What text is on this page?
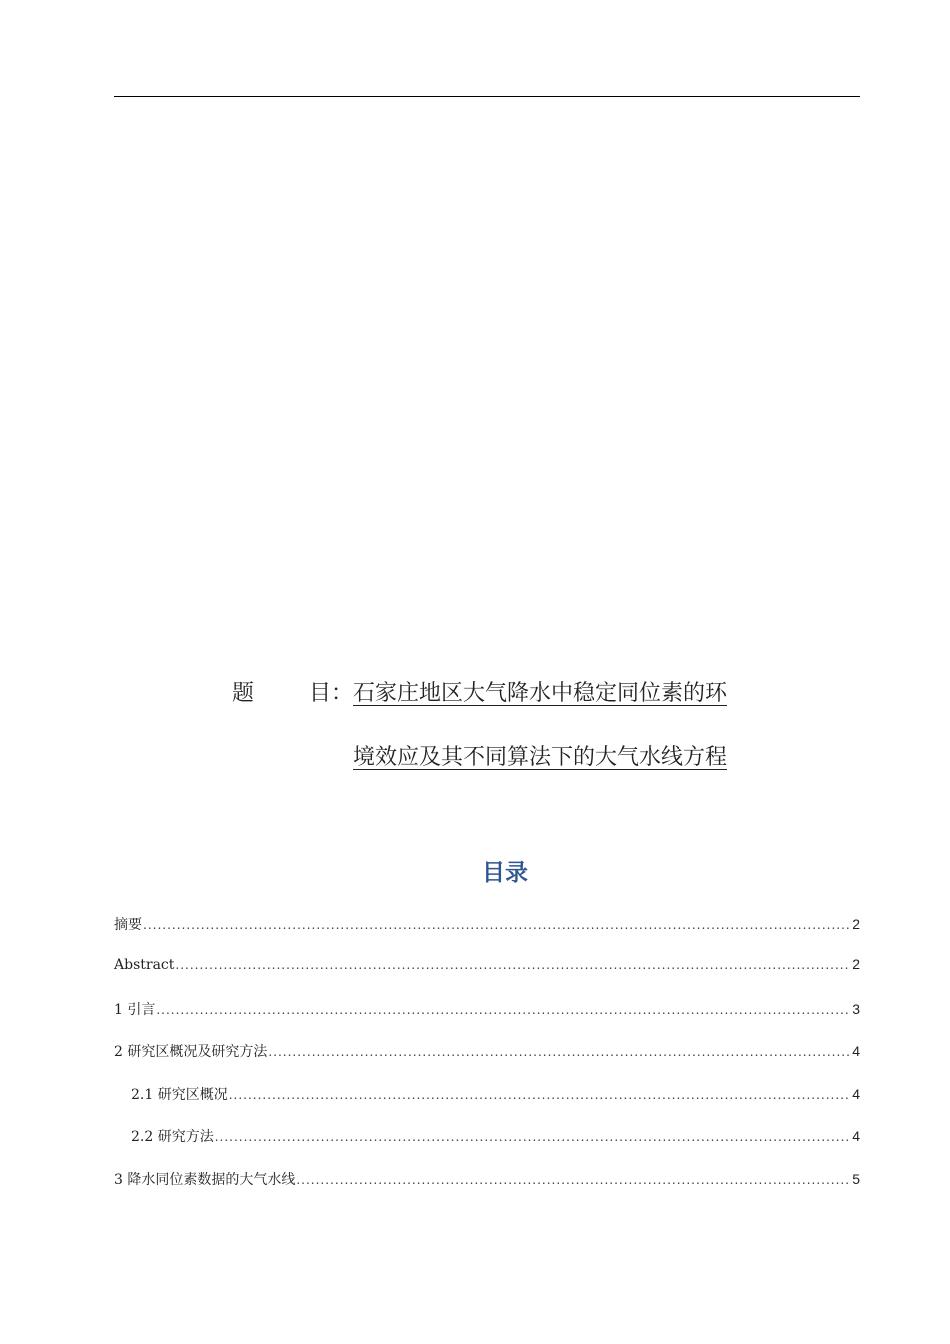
题 目： 石家庄地区大气降水中稳定同位素的环
境效应及其不同算法下的大气水线方程
目录
摘要 .....	2
Abstract .....	2
1 引言 .....	3
2 研究区概况及研究方法 .....	4
2.1 研究区概况 .....	4
2.2 研究方法 .....	4
3 降水同位素数据的大气水线 .....	5
